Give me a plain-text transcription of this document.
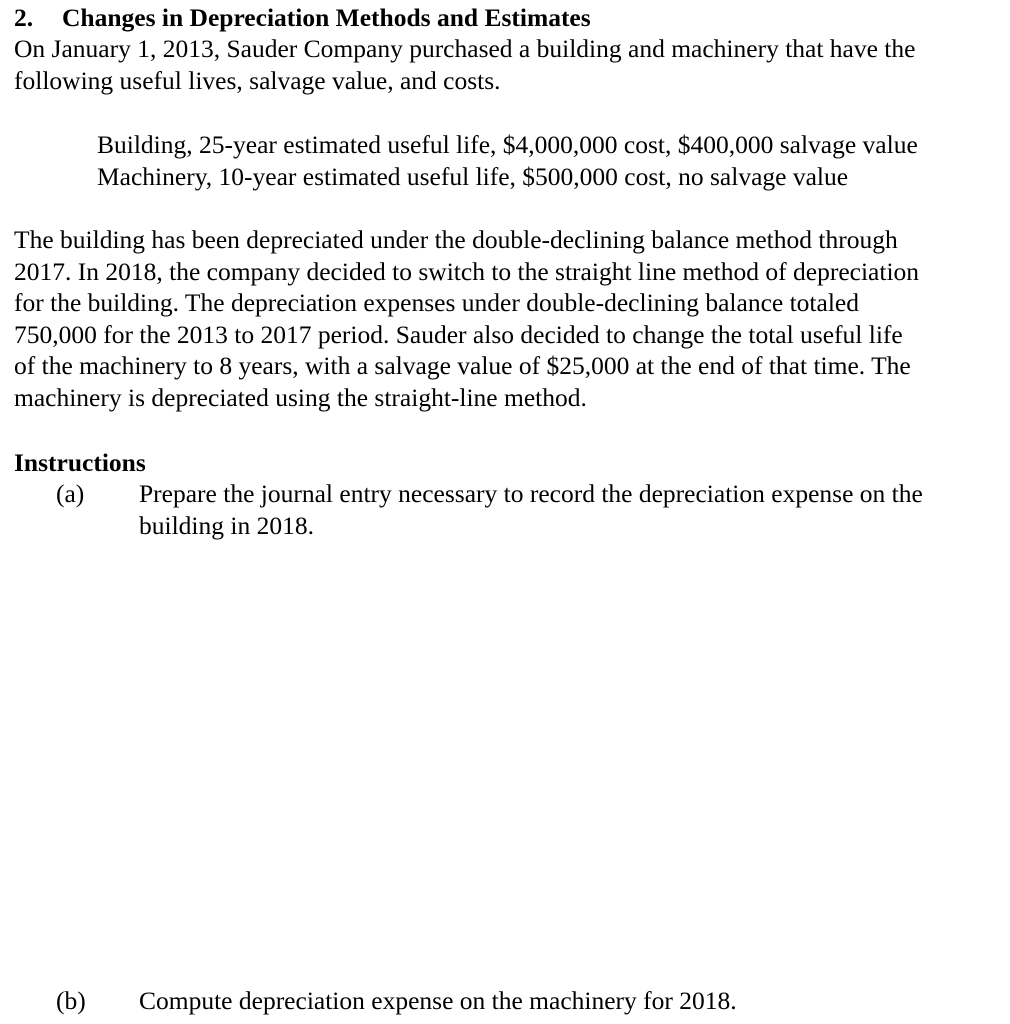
2. Changes in Depreciation Methods and Estimates
On January 1, 2013, Sauder Company purchased a building and machinery that have the
following useful lives, salvage value, and costs.
Building, 25-year estimated useful life, $4,000,000 cost, $400,000 salvage value
Machinery, 10-year estimated useful life, $500,000 cost, no salvage value
The building has been depreciated under the double-declining balance method through
2017. In 2018, the company decided to switch to the straight line method of depreciation
for the building. The depreciation expenses under double-declining balance totaled
750,000 for the 2013 to 2017 period. Sauder also decided to change the total useful life
of the machinery to 8 years, with a salvage value of $25,000 at the end of that time. The
machinery is depreciated using the straight-line method.
Instructions
(a) Prepare the journal entry necessary to record the depreciation expense on the
building in 2018.
(b) Compute depreciation expense on the machinery for 2018.
